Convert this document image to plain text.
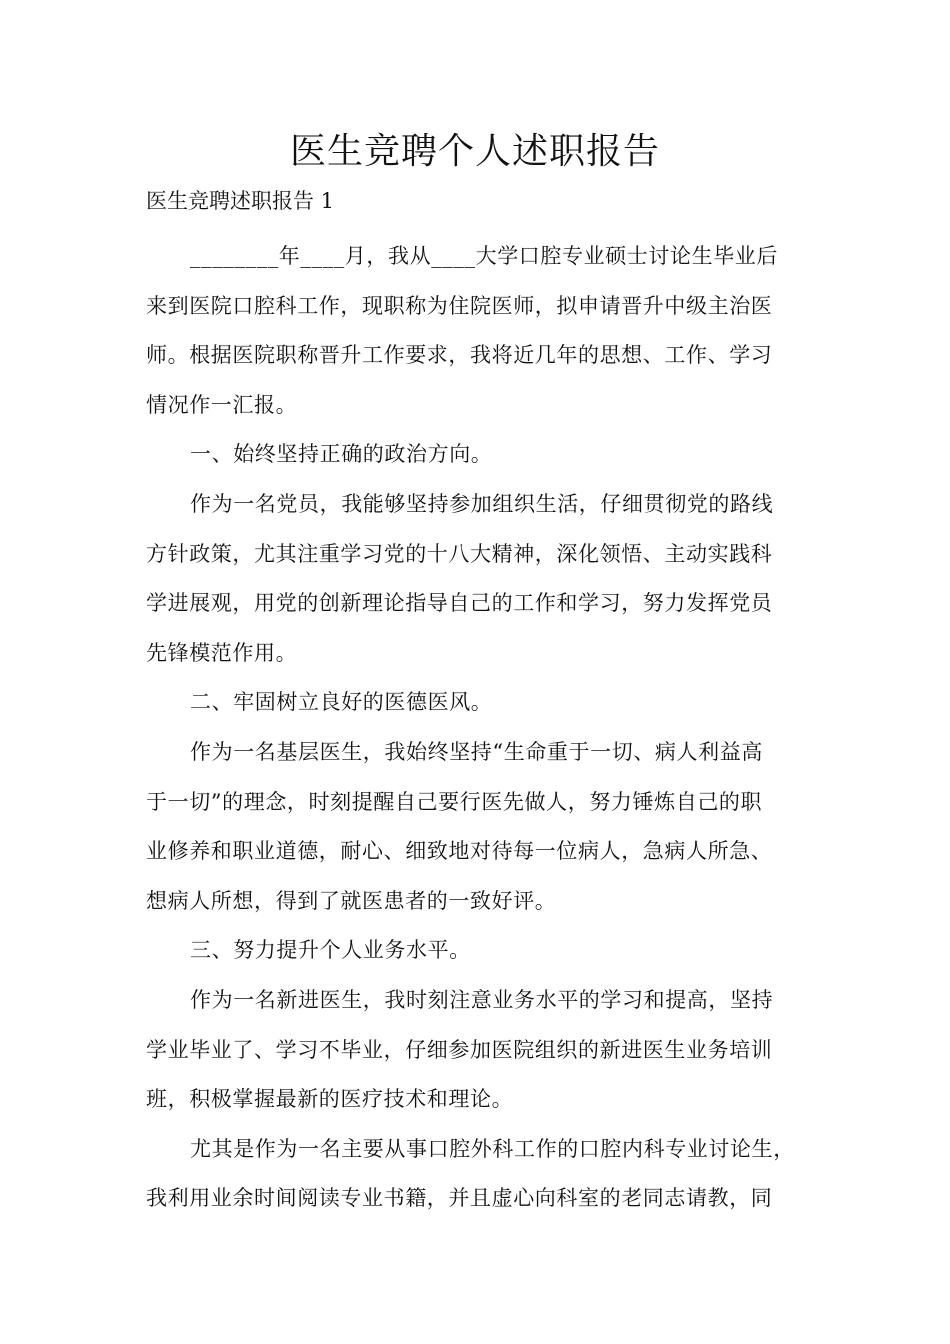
医生竞聘个人述职报告
医生竞聘述职报告 1
________年____月，我从____大学口腔专业硕士讨论生毕业后
来到医院口腔科工作，现职称为住院医师，拟申请晋升中级主治医
师。根据医院职称晋升工作要求，我将近几年的思想、工作、学习
情况作一汇报。
一、始终坚持正确的政治方向。
作为一名党员，我能够坚持参加组织生活，仔细贯彻党的路线
方针政策，尤其注重学习党的十八大精神，深化领悟、主动实践科
学进展观，用党的创新理论指导自己的工作和学习，努力发挥党员
先锋模范作用。
二、牢固树立良好的医德医风。
作为一名基层医生，我始终坚持“生命重于一切、病人利益高
于一切”的理念，时刻提醒自己要行医先做人，努力锤炼自己的职
业修养和职业道德，耐心、细致地对待每一位病人，急病人所急、
想病人所想，得到了就医患者的一致好评。
三、努力提升个人业务水平。
作为一名新进医生，我时刻注意业务水平的学习和提高，坚持
学业毕业了、学习不毕业，仔细参加医院组织的新进医生业务培训
班，积极掌握最新的医疗技术和理论。
尤其是作为一名主要从事口腔外科工作的口腔内科专业讨论生，
我利用业余时间阅读专业书籍，并且虚心向科室的老同志请教，同
